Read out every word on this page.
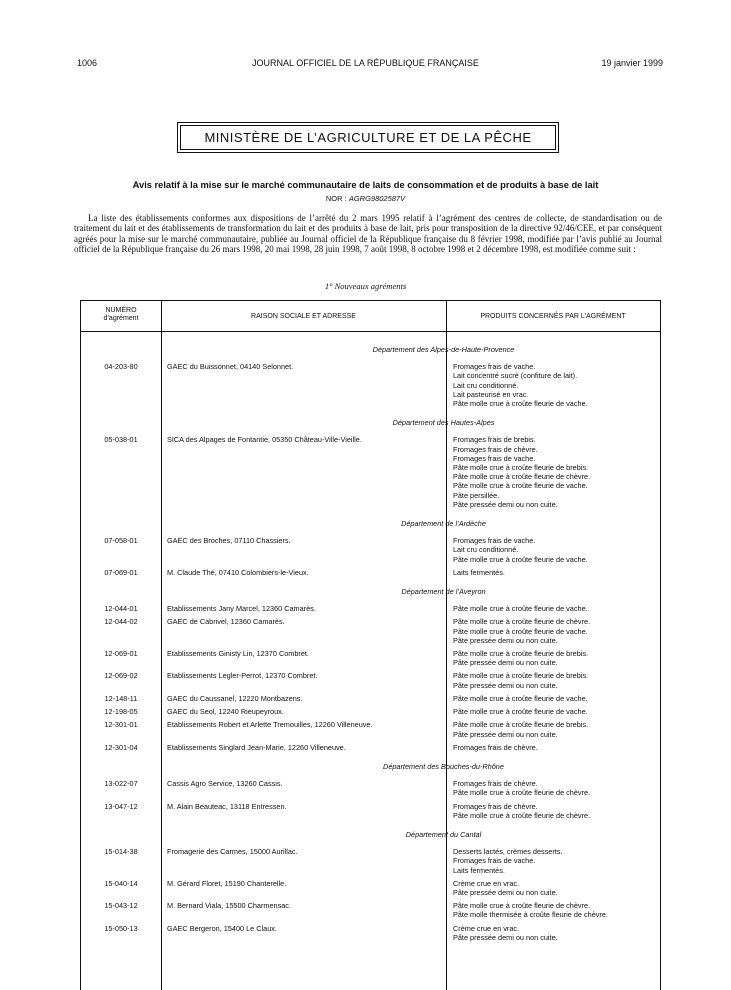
1006	JOURNAL OFFICIEL DE LA RÉPUBLIQUE FRANÇAISE	19 janvier 1999
MINISTÈRE DE L’AGRICULTURE ET DE LA PÊCHE
Avis relatif à la mise sur le marché communautaire de laits de consommation et de produits à base de lait
NOR : AGRG9802587V
La liste des établissements conformes aux dispositions de l’arrêté du 2 mars 1995 relatif à l’agrément des centres de collecte, de standardisation ou de traitement du lait et des établissements de transformation du lait et des produits à base de lait, pris pour transposition de la directive 92/46/CEE, et par conséquent agréés pour la mise sur le marché communautaire, publiée au Journal officiel de la République française du 8 février 1998, modifiée par l’avis publié au Journal officiel de la République française du 26 mars 1998, 20 mai 1998, 28 juin 1998, 7 août 1998, 8 octobre 1998 et 2 décembre 1998, est modifiée comme suit :
1° Nouveaux agréments
NUMÉRO
d’agrément	RAISON SOCIALE ET ADRESSE	PRODUITS CONCERNÉS PAR L’AGRÉMENT
Département des Alpes-de-Haute-Provence
04-203-80	GAEC du Buissonnet, 04140 Selonnet.	Fromages frais de vache.
Lait concentré sucré (confiture de lait).
Lait cru conditionné.
Lait pasteurisé en vrac.
Pâte molle crue à croûte fleurie de vache.
Département des Hautes-Alpes
05-038-01	SICA des Alpages de Fontantie, 05350 Château-Ville-Vieille.	Fromages frais de brebis.
Fromages frais de chèvre.
Fromages frais de vache.
Pâte molle crue à croûte fleurie de brebis.
Pâte molle crue à croûte fleurie de chèvre.
Pâte molle crue à croûte fleurie de vache.
Pâte persillée.
Pâte pressée demi ou non cuite.
Département de l’Ardèche
07-058-01	GAEC des Broches, 07110 Chassiers.	Fromages frais de vache.
Lait cru conditionné.
Pâte molle crue à croûte fleurie de vache.
07-069-01	M. Claude Thé, 07410 Colombiers-le-Vieux.	Laits fermentés.
Département de l’Aveyron
12-044-01	Etablissements Jany Marcel, 12360 Camarès.	Pâte molle crue à croûte fleurie de vache.
12-044-02	GAEC de Cabrivel, 12360 Camarès.	Pâte molle crue à croûte fleurie de chèvre.
Pâte molle crue à croûte fleurie de vache.
Pâte pressée demi ou non cuite.
12-069-01	Etablissements Ginisty Lin, 12370 Combret.	Pâte molle crue à croûte fleurie de brebis.
Pâte pressée demi ou non cuite.
12-069-02	Etablissements Legler-Perrot, 12370 Combret.	Pâte molle crue à croûte fleurie de brebis.
Pâte pressée demi ou non cuite.
12-148-11	GAEC du Caussanel, 12220 Montbazens.	Pâte molle crue à croûte fleurie de vache.
12-198-05	GAEC du Seol, 12240 Rieupeyroux.	Pâte molle crue à croûte fleurie de vache.
12-301-01	Etablissements Robert et Arlette Tremouilles, 12260 Villeneuve.	Pâte molle crue à croûte fleurie de brebis.
Pâte pressée demi ou non cuite.
12-301-04	Etablissements Singlard Jean-Marie, 12260 Villeneuve.	Fromages frais de chèvre.
Département des Bouches-du-Rhône
13-022-07	Cassis Agro Service, 13260 Cassis.	Fromages frais de chèvre.
Pâte molle crue à croûte fleurie de chèvre.
13-047-12	M. Alain Beauteac, 13118 Entressen.	Fromages frais de chèvre.
Pâte molle crue à croûte fleurie de chèvre.
Département du Cantal
15-014-38	Fromagerie des Carmes, 15000 Aurillac.	Desserts lactés, crèmes desserts.
Fromages frais de vache.
Laits fermentés.
15-040-14	M. Gérard Floret, 15190 Chanterelle.	Crème crue en vrac.
Pâte pressée demi ou non cuite.
15-043-12	M. Bernard Viala, 15500 Charmensac.	Pâte molle crue à croûte fleurie de chèvre.
Pâte molle thermisée à croûte fleurie de chèvre.
15-050-13	GAEC Bergeron, 15400 Le Claux.	Crème crue en vrac.
Pâte pressée demi ou non cuite.
